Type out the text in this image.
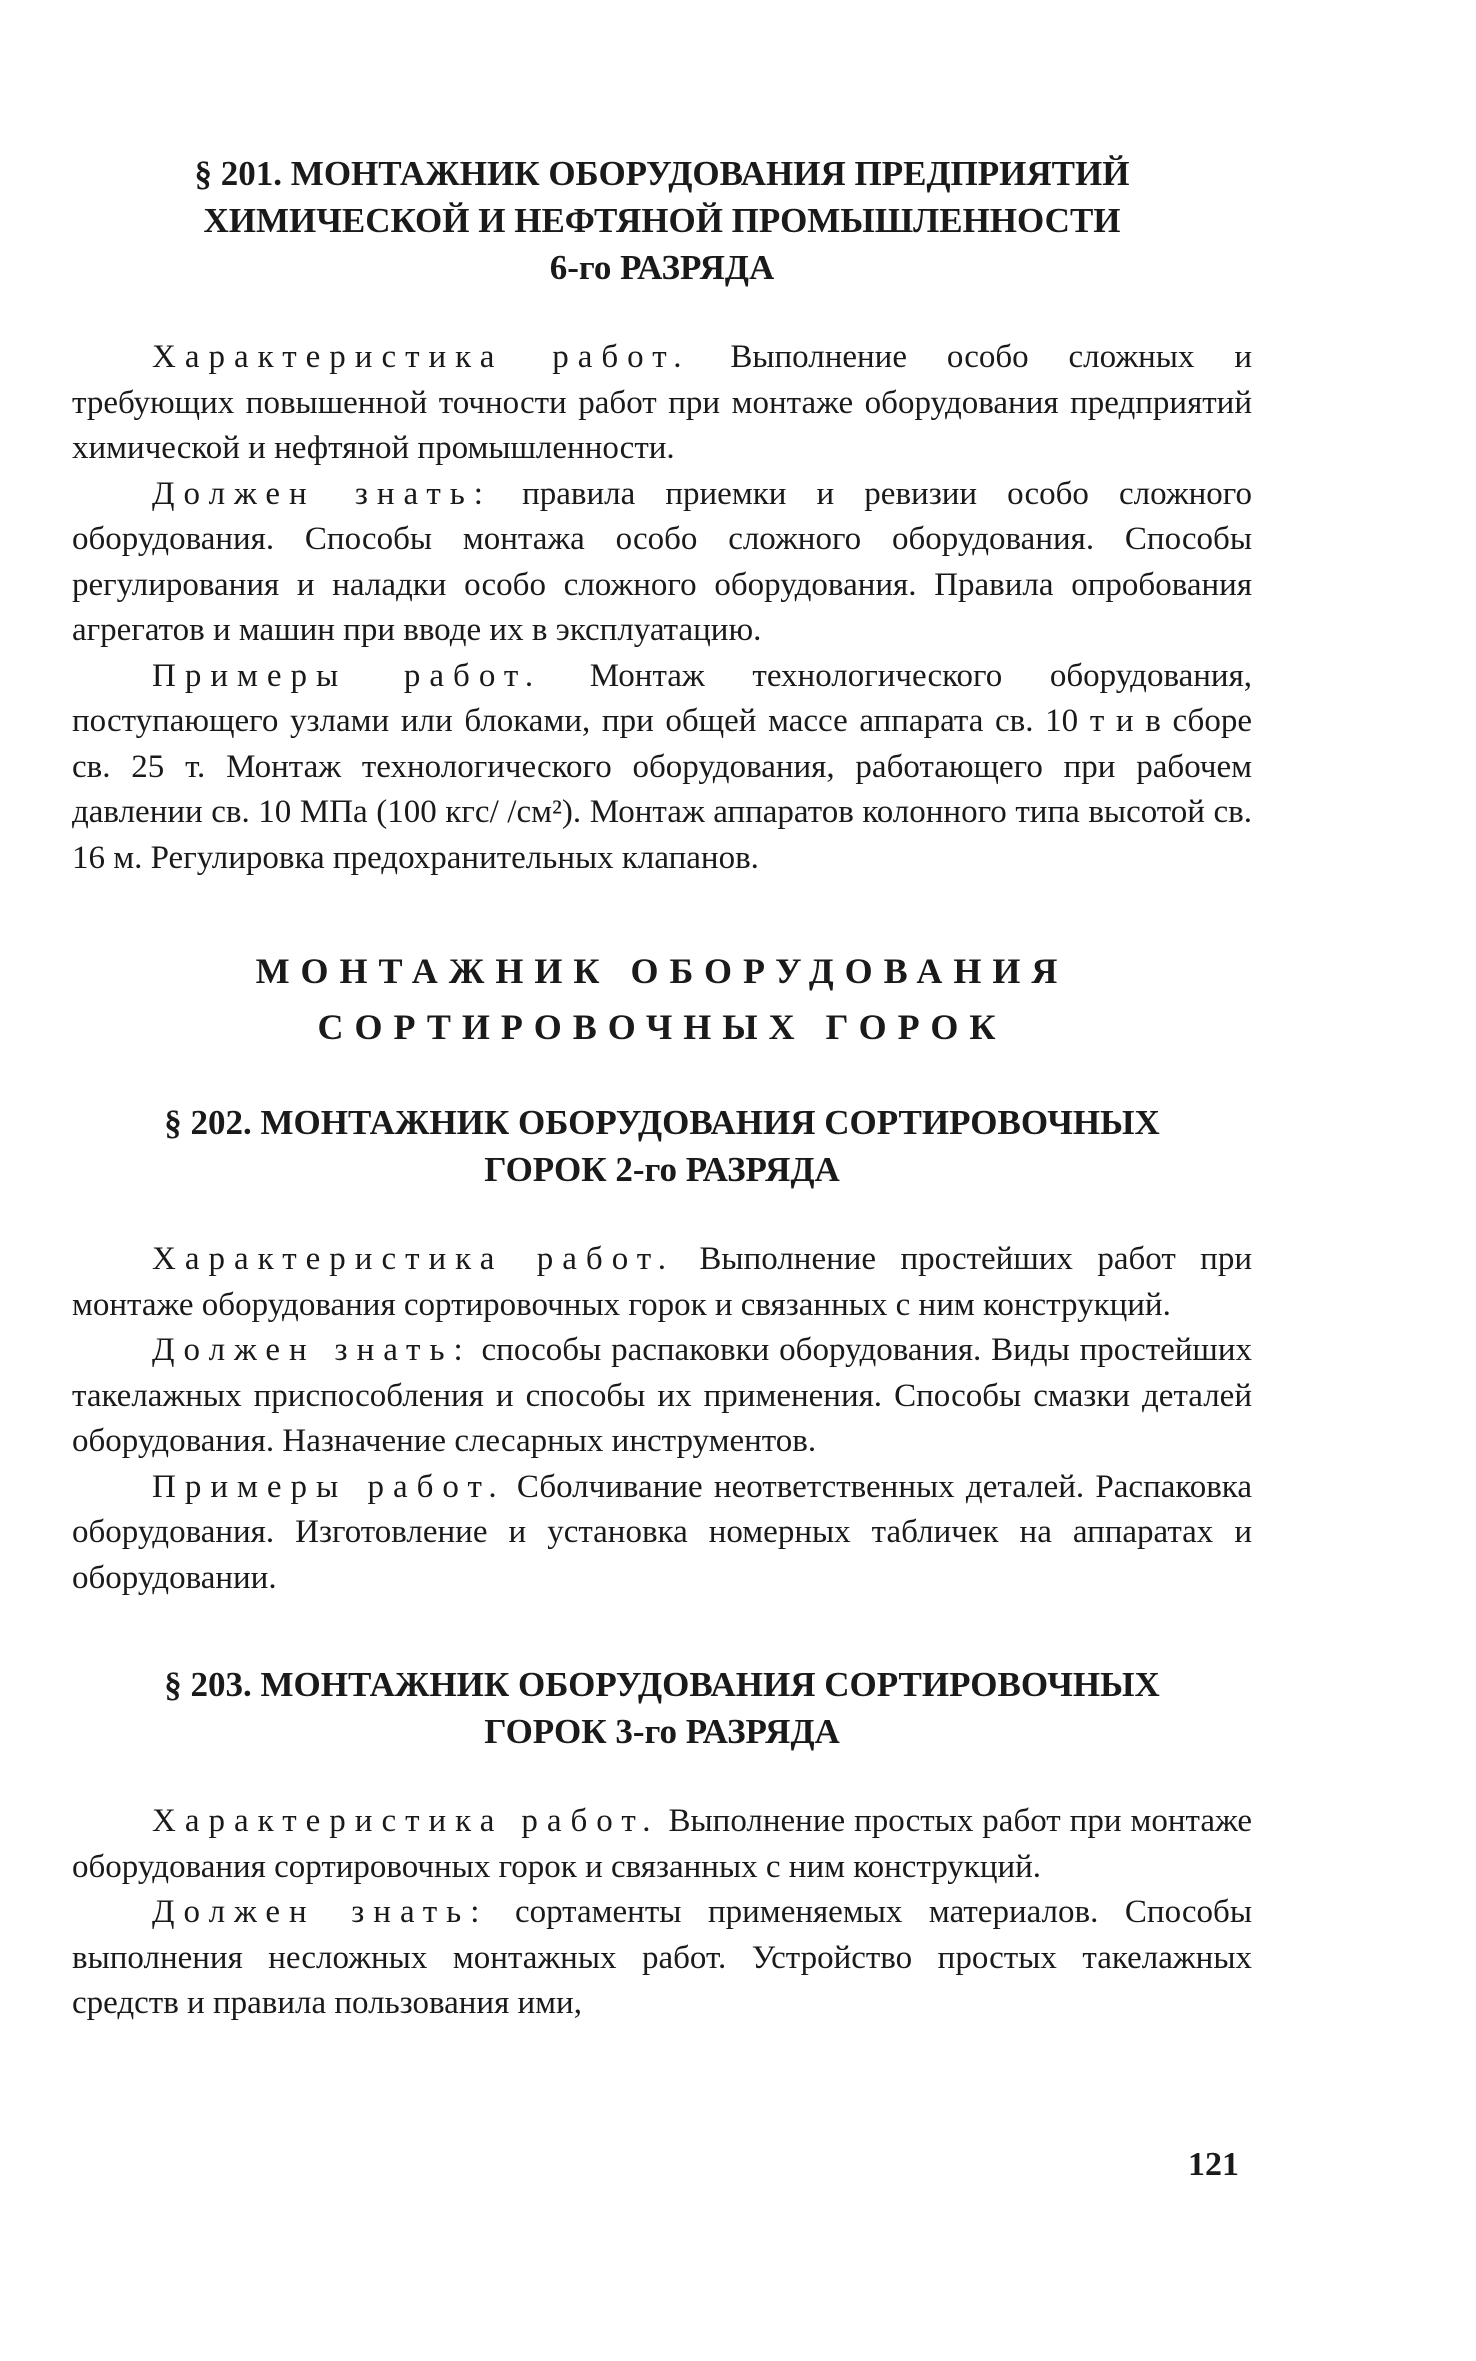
§ 201. МОНТАЖНИК ОБОРУДОВАНИЯ ПРЕДПРИЯТИЙ
ХИМИЧЕСКОЙ И НЕФТЯНОЙ ПРОМЫШЛЕННОСТИ
6-го РАЗРЯДА

Характеристика работ. Выполнение особо сложных и требующих повышенной точности работ при монтаже оборудования предприятий химической и нефтяной промышленности.

Должен знать: правила приемки и ревизии особо сложного оборудования. Способы монтажа особо сложного оборудования. Способы регулирования и наладки особо сложного оборудования. Правила опробования агрегатов и машин при вводе их в эксплуатацию.

Примеры работ. Монтаж технологического оборудования, поступающего узлами или блоками, при общей массе аппарата св. 10 т и в сборе св. 25 т. Монтаж технологического оборудования, работающего при рабочем давлении св. 10 МПа (100 кгс/ /см²). Монтаж аппаратов колонного типа высотой св. 16 м. Регулировка предохранительных клапанов.

МОНТАЖНИК ОБОРУДОВАНИЯ
СОРТИРОВОЧНЫХ ГОРОК
§ 202. МОНТАЖНИК ОБОРУДОВАНИЯ СОРТИРОВОЧНЫХ
ГОРОК 2-го РАЗРЯДА

Характеристика работ. Выполнение простейших работ при монтаже оборудования сортировочных горок и связанных с ним конструкций.

Должен знать: способы распаковки оборудования. Виды простейших такелажных приспособления и способы их применения. Способы смазки деталей оборудования. Назначение слесарных инструментов.

Примеры работ. Сболчивание неответственных деталей. Распаковка оборудования. Изготовление и установка номерных табличек на аппаратах и оборудовании.

§ 203. МОНТАЖНИК ОБОРУДОВАНИЯ СОРТИРОВОЧНЫХ
ГОРОК 3-го РАЗРЯДА

Характеристика работ. Выполнение простых работ при монтаже оборудования сортировочных горок и связанных с ним конструкций.

Должен знать: сортаменты применяемых материалов. Способы выполнения несложных монтажных работ. Устройство простых такелажных средств и правила пользования ими,

121
